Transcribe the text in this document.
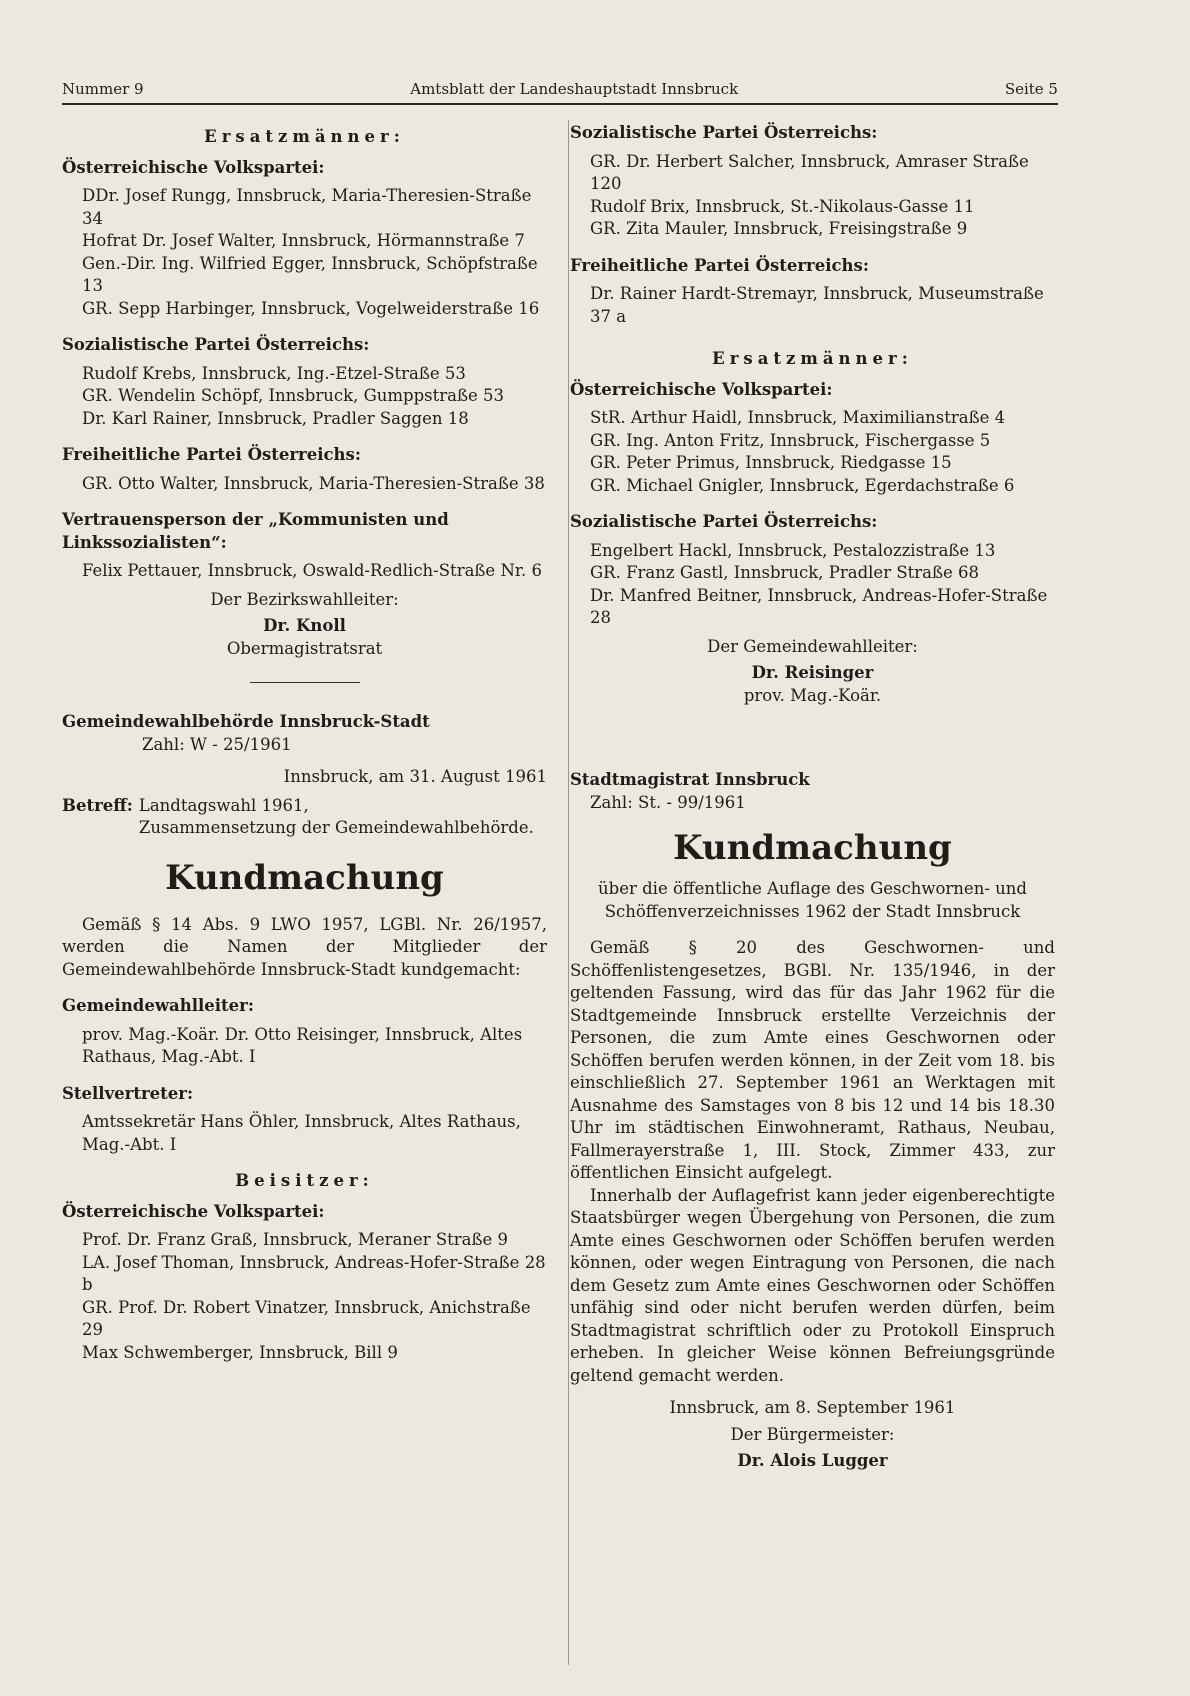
Nummer 9	Amtsblatt der Landeshauptstadt Innsbruck	Seite 5
Ersatzmänner:
Österreichische Volkspartei:
DDr. Josef Rungg, Innsbruck, Maria-Theresien-Straße 34
Hofrat Dr. Josef Walter, Innsbruck, Hörmannstraße 7
Gen.-Dir. Ing. Wilfried Egger, Innsbruck, Schöpfstraße 13
GR. Sepp Harbinger, Innsbruck, Vogelweiderstraße 16
Sozialistische Partei Österreichs:
Rudolf Krebs, Innsbruck, Ing.-Etzel-Straße 53
GR. Wendelin Schöpf, Innsbruck, Gumppstraße 53
Dr. Karl Rainer, Innsbruck, Pradler Saggen 18
Freiheitliche Partei Österreichs:
GR. Otto Walter, Innsbruck, Maria-Theresien-Straße 38
Vertrauensperson der „Kommunisten und Linkssozialisten“:
Felix Pettauer, Innsbruck, Oswald-Redlich-Straße Nr. 6
Der Bezirkswahlleiter:
Dr. Knoll
Obermagistratsrat
Gemeindewahlbehörde Innsbruck-Stadt
Zahl: W - 25/1961
Innsbruck, am 31. August 1961
Betreff: Landtagswahl 1961,
Zusammensetzung der Gemeindewahlbehörde.
Kundmachung

Gemäß § 14 Abs. 9 LWO 1957, LGBl. Nr. 26/1957, werden die Namen der Mitglieder der Gemeindewahlbehörde Innsbruck-Stadt kundgemacht:

Gemeindewahlleiter:
prov. Mag.-Koär. Dr. Otto Reisinger, Innsbruck, Altes Rathaus, Mag.-Abt. I
Stellvertreter:
Amtssekretär Hans Öhler, Innsbruck, Altes Rathaus, Mag.-Abt. I
Beisitzer:
Österreichische Volkspartei:
Prof. Dr. Franz Graß, Innsbruck, Meraner Straße 9
LA. Josef Thoman, Innsbruck, Andreas-Hofer-Straße 28 b
GR. Prof. Dr. Robert Vinatzer, Innsbruck, Anichstraße 29
Max Schwemberger, Innsbruck, Bill 9
Sozialistische Partei Österreichs:
GR. Dr. Herbert Salcher, Innsbruck, Amraser Straße 120
Rudolf Brix, Innsbruck, St.-Nikolaus-Gasse 11
GR. Zita Mauler, Innsbruck, Freisingstraße 9
Freiheitliche Partei Österreichs:
Dr. Rainer Hardt-Stremayr, Innsbruck, Museumstraße 37 a
Ersatzmänner:
Österreichische Volkspartei:
StR. Arthur Haidl, Innsbruck, Maximilianstraße 4
GR. Ing. Anton Fritz, Innsbruck, Fischergasse 5
GR. Peter Primus, Innsbruck, Riedgasse 15
GR. Michael Gnigler, Innsbruck, Egerdachstraße 6
Sozialistische Partei Österreichs:
Engelbert Hackl, Innsbruck, Pestalozzistraße 13
GR. Franz Gastl, Innsbruck, Pradler Straße 68
Dr. Manfred Beitner, Innsbruck, Andreas-Hofer-Straße 28
Der Gemeindewahlleiter:
Dr. Reisinger
prov. Mag.-Koär.
Stadtmagistrat Innsbruck
Zahl: St. - 99/1961
Kundmachung
über die öffentliche Auflage des Geschwornen- und Schöffenverzeichnisses 1962 der Stadt Innsbruck

Gemäß § 20 des Geschwornen- und Schöffenlistengesetzes, BGBl. Nr. 135/1946, in der geltenden Fassung, wird das für das Jahr 1962 für die Stadtgemeinde Innsbruck erstellte Verzeichnis der Personen, die zum Amte eines Geschwornen oder Schöffen berufen werden können, in der Zeit vom 18. bis einschließlich 27. September 1961 an Werktagen mit Ausnahme des Samstages von 8 bis 12 und 14 bis 18.30 Uhr im städtischen Einwohneramt, Rathaus, Neubau, Fallmerayerstraße 1, III. Stock, Zimmer 433, zur öffentlichen Einsicht aufgelegt.

Innerhalb der Auflagefrist kann jeder eigenberechtigte Staatsbürger wegen Übergehung von Personen, die zum Amte eines Geschwornen oder Schöffen berufen werden können, oder wegen Eintragung von Personen, die nach dem Gesetz zum Amte eines Geschwornen oder Schöffen unfähig sind oder nicht berufen werden dürfen, beim Stadtmagistrat schriftlich oder zu Protokoll Einspruch erheben. In gleicher Weise können Befreiungsgründe geltend gemacht werden.

Innsbruck, am 8. September 1961
Der Bürgermeister:
Dr. Alois Lugger
